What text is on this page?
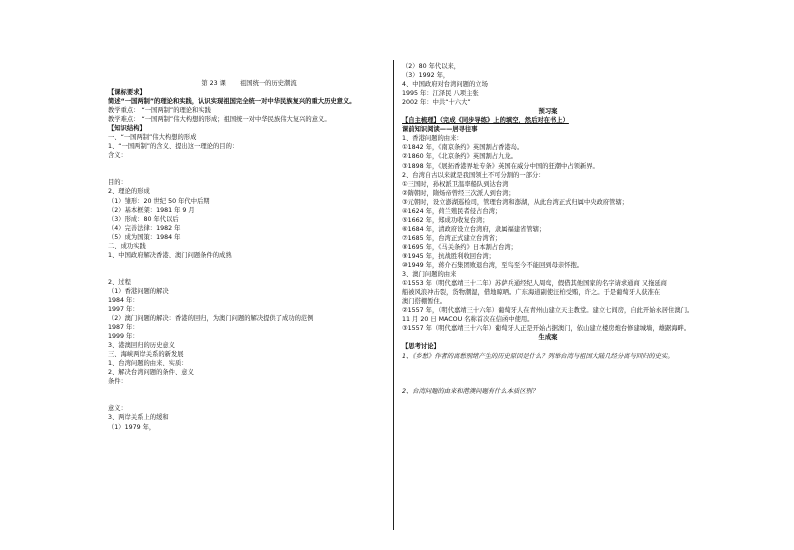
第 23 课 祖国统一的历史潮流
【课标要求】
简述“一国两制”的理论和实践，认识实现祖国完全统一对中华民族复兴的重大历史意义。
教学重点： “一国两制”的理论和实践
教学难点： “一国两制”伟大构想的形成；祖国统一对中华民族伟大复兴的意义。
【知识结构】
一、“一国两制”伟大构想的形成
1、“一国两制”的含义、提出这一理论的目的：
含义：
目的：
2、理论的形成
（1）雏形：20 世纪 50 年代中后期
（2）基本框架：1981 年 9 月
（3）形成：80 年代以后
（4）完善法律：1982 年
（5）成为国策：1984 年
二、成功实践
1、中国政府解决香港、澳门问题条件的成熟
2、过程
（1）香港问题的解决
1984 年：
1997 年：
（2）澳门问题的解决：香港的回归，为澳门问题的解决提供了成功的范例
1987 年：
1999 年：
3、港澳回归的历史意义
三、海峡两岸关系的新发展
1、台湾问题的由来、实质：
2、解决台湾问题的条件、意义
条件：
意义：
3、两岸关系上的缓和
（1）1979 年，
（2）80 年代以来，
（3）1992 年，
4、中国政府对台湾问题的立场
1995 年：江泽民 八项主张
2002 年：中共“十六大”
预习案
【自主梳理】（完成《同步导练》上的填空，然后对在书上）
课前知识阅读——居寻往事
1、香港问题的由来：
①1842 年，《南京条约》英国割占香港岛。
②1860 年，《北京条约》英国割占九龙。
③1898 年，《展拓香港界址专条》英国在威分中国的狂潮中占领新界。
2、台湾自古以来就是我国领土不可分割的一部分：
①三国时，孙权派卫温率船队到达台湾
②隋朝时，隋炀帝曾经三次派人到台湾；
③元朝时，设立澎湖巡检司，管理台湾和澎湖，从此台湾正式归属中央政府管辖；
④1624 年，荷兰殖民者侵占台湾；
⑤1662 年，郑成功收复台湾；
⑥1684 年，清政府设立台湾府，隶属福建省管辖；
⑦1685 年，台湾正式建立台湾省；
⑧1695 年，《马关条约》日本割占台湾；
⑨1945 年，抗战胜利收回台湾；
⑩1949 年，蒋介石集团败退台湾，至鸟至今不能回到母亲怀抱。
3、澳门问题的由来
①1553 年（明代嘉靖三十二年）苏萨兵通经纪人周鸾，假借其他国家的名字请求通商 又拖延商
船被风浪冲击裂，货物潮湿，借地晾晒。广东海道副使汪柏受贿，许之。于是葡萄牙人获准在
澳门搭棚暂住。
②1557 年，（明代嘉靖三十六年）葡萄牙人在青州山建立天主教堂。建立七间房，自此开始永居住澳门。
11 月 20 日 MACOU 名称首次在信函中使用。
③1557 年（明代嘉靖三十六年）葡萄牙人正是开始占据澳门，依山建立楼房炮台修建城墙，雄踞海畔。
生成案
【思考讨论】
1、《乡愁》作者的离愁别绪产生的历史原因是什么？列举台湾与祖国大陆几经分离与回归的史实。
2、台湾问题的由来和港澳问题有什么本质区别？
